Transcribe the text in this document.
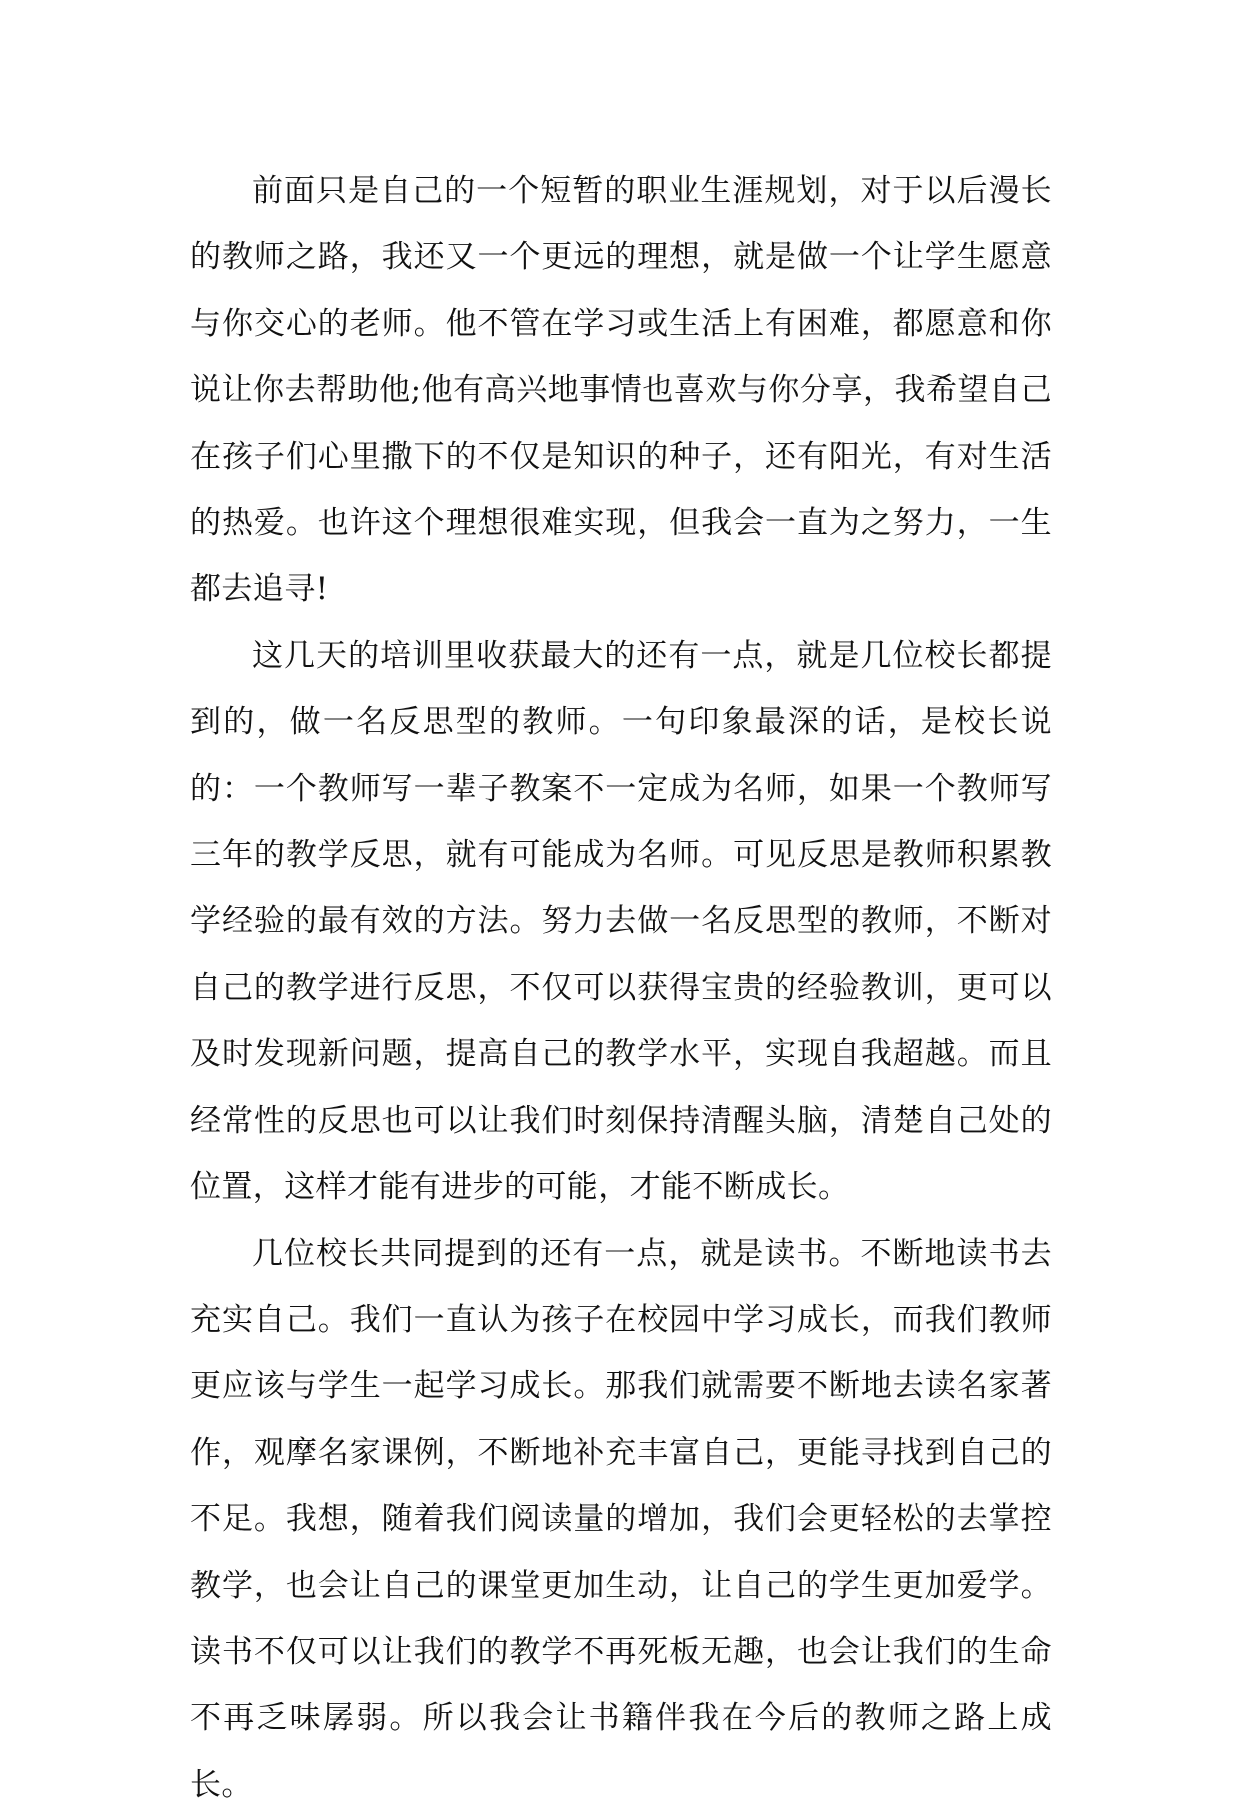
前面只是自己的一个短暂的职业生涯规划，对于以后漫长的教师之路，我还又一个更远的理想，就是做一个让学生愿意与你交心的老师。他不管在学习或生活上有困难，都愿意和你说让你去帮助他;他有高兴地事情也喜欢与你分享，我希望自己在孩子们心里撒下的不仅是知识的种子，还有阳光，有对生活的热爱。也许这个理想很难实现，但我会一直为之努力，一生都去追寻!

这几天的培训里收获最大的还有一点，就是几位校长都提到的，做一名反思型的教师。一句印象最深的话，是校长说的：一个教师写一辈子教案不一定成为名师，如果一个教师写三年的教学反思，就有可能成为名师。可见反思是教师积累教学经验的最有效的方法。努力去做一名反思型的教师，不断对自己的教学进行反思，不仅可以获得宝贵的经验教训，更可以及时发现新问题，提高自己的教学水平，实现自我超越。而且经常性的反思也可以让我们时刻保持清醒头脑，清楚自己处的位置，这样才能有进步的可能，才能不断成长。

几位校长共同提到的还有一点，就是读书。不断地读书去充实自己。我们一直认为孩子在校园中学习成长，而我们教师更应该与学生一起学习成长。那我们就需要不断地去读名家著作，观摩名家课例，不断地补充丰富自己，更能寻找到自己的不足。我想，随着我们阅读量的增加，我们会更轻松的去掌控教学，也会让自己的课堂更加生动，让自己的学生更加爱学。读书不仅可以让我们的教学不再死板无趣，也会让我们的生命不再乏味孱弱。所以我会让书籍伴我在今后的教师之路上成长。
